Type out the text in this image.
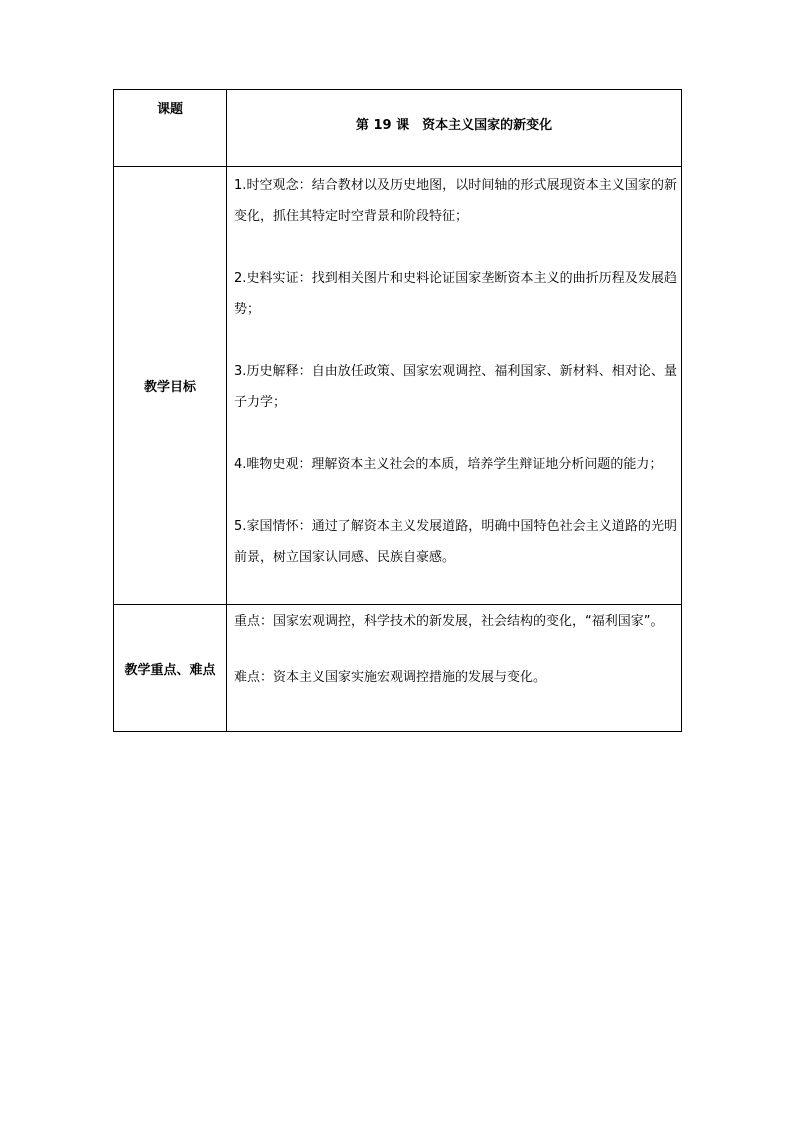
课题	第 19 课　资本主义国家的新变化
教学目标	1.时空观念：结合教材以及历史地图，以时间轴的形式展现资本主义国家的新变化，抓住其特定时空背景和阶段特征；

2.史料实证：找到相关图片和史料论证国家垄断资本主义的曲折历程及发展趋势；

3.历史解释：自由放任政策、国家宏观调控、福利国家、新材料、相对论、量子力学；

4.唯物史观：理解资本主义社会的本质，培养学生辩证地分析问题的能力；

5.家国情怀：通过了解资本主义发展道路，明确中国特色社会主义道路的光明前景，树立国家认同感、民族自豪感。

教学重点、难点	重点：国家宏观调控，科学技术的新发展，社会结构的变化，“福利国家”。

难点：资本主义国家实施宏观调控措施的发展与变化。
